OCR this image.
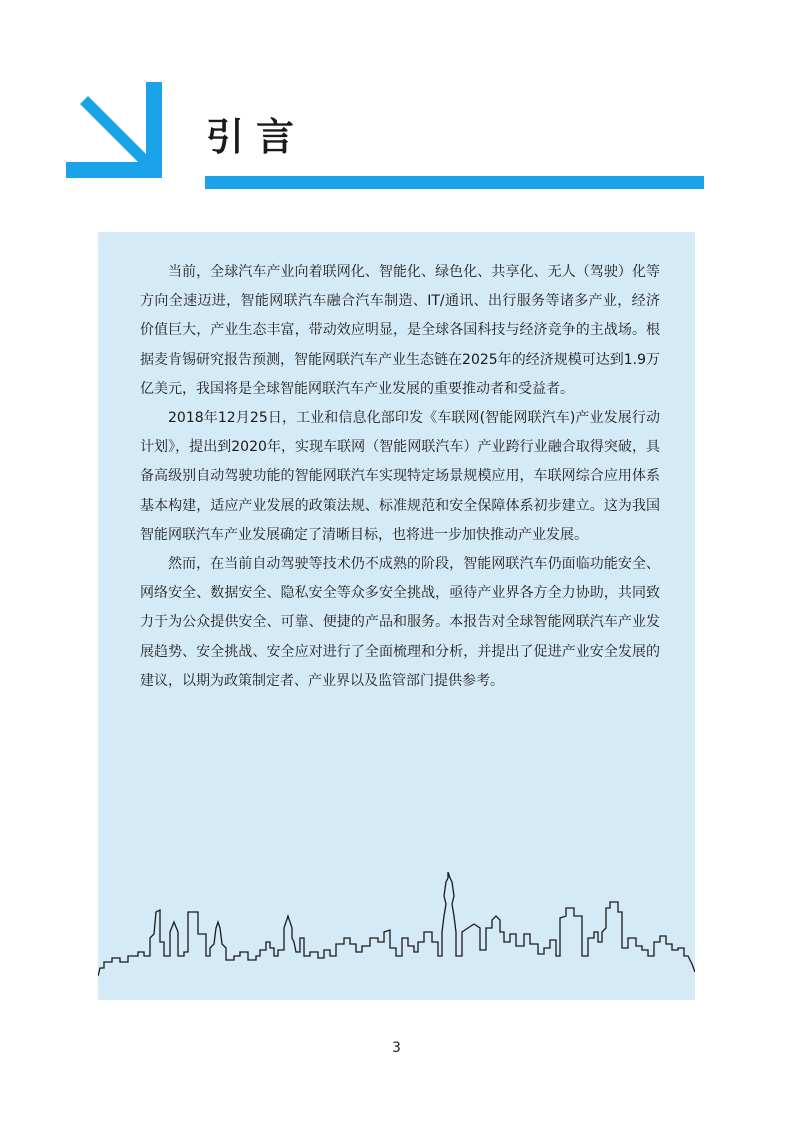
引言

当前，全球汽车产业向着联网化、智能化、绿色化、共享化、无人（驾驶）化等方向全速迈进，智能网联汽车融合汽车制造、IT/通讯、出行服务等诸多产业，经济价值巨大，产业生态丰富，带动效应明显，是全球各国科技与经济竞争的主战场。根据麦肯锡研究报告预测，智能网联汽车产业生态链在2025年的经济规模可达到1.9万亿美元，我国将是全球智能网联汽车产业发展的重要推动者和受益者。

2018年12月25日，工业和信息化部印发《车联网(智能网联汽车)产业发展行动计划》，提出到2020年，实现车联网（智能网联汽车）产业跨行业融合取得突破，具备高级别自动驾驶功能的智能网联汽车实现特定场景规模应用，车联网综合应用体系基本构建，适应产业发展的政策法规、标准规范和安全保障体系初步建立。这为我国智能网联汽车产业发展确定了清晰目标，也将进一步加快推动产业发展。

然而，在当前自动驾驶等技术仍不成熟的阶段，智能网联汽车仍面临功能安全、网络安全、数据安全、隐私安全等众多安全挑战，亟待产业界各方全力协助，共同致力于为公众提供安全、可靠、便捷的产品和服务。本报告对全球智能网联汽车产业发展趋势、安全挑战、安全应对进行了全面梳理和分析，并提出了促进产业安全发展的建议，以期为政策制定者、产业界以及监管部门提供参考。

3
